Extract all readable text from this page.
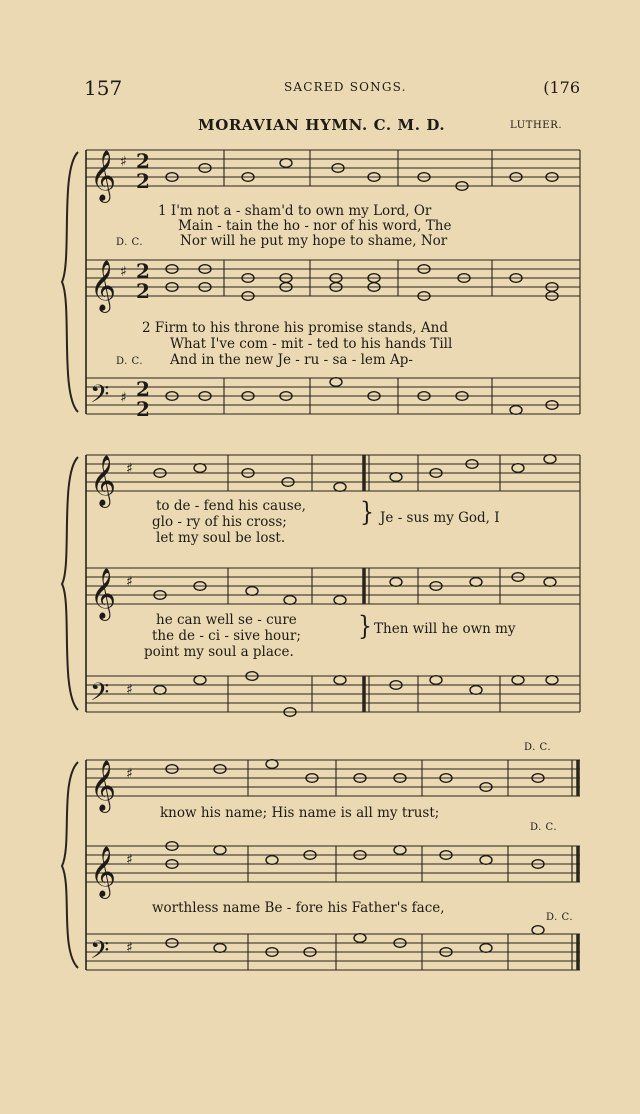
157	SACRED SONGS.	(176
MORAVIAN HYMN. C. M. D.	LUTHER.
𝄞
𝄞
𝄢
𝄞
𝄞
𝄢
𝄞
𝄞
𝄢
♯
♯
♯
♯
♯
♯
♯
♯
♯
2
2
2
2
2
2
1 I'm not a - sham'd to own my Lord, Or
Main - tain the ho - nor of his word, The
D. C.	Nor will he put my hope to shame, Nor
2 Firm to his throne his promise stands, And
What I've com - mit - ted to his hands Till
D. C. And in the new Je - ru - sa - lem Ap-
to de - fend his cause,
glo - ry of his cross;
let my soul be lost.
} Je - sus my God, I
he can well se - cure
the de - ci - sive hour;
point my soul a place.
} Then will he own my
know his name; His name is all my trust;
worthless name Be - fore his Father's face,
D. C.
D. C.
D. C.
